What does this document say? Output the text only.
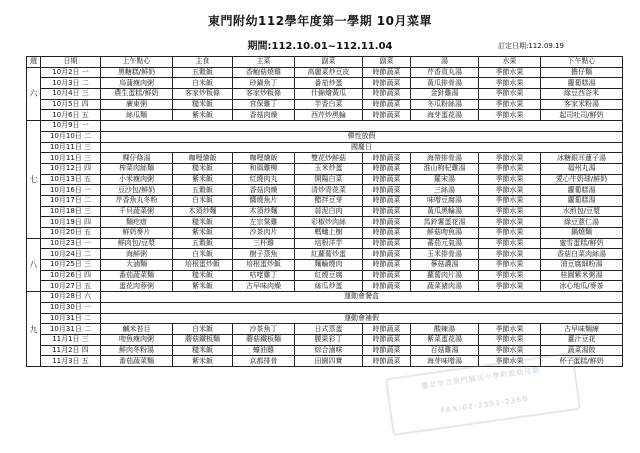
東門附幼112學年度第一學期 10月菜單
期間:112.10.01~112.11.04	訂定日期:112.09.19
週	日期	上午點心	主食	主菜	副菜	副菜	湯	水果	下午點心
六	10月2日 一	黑糖糕/鮮奶	五穀飯	香鮑菇燒雞	高麗菜炒豆皮	時節蔬菜	芹香貢丸湯	季節水果	擔仔麵
	10月3日 二	烏蒲瘦肉粥	白米飯	砂鍋魚丁	番茄炒蛋	時節蔬菜	黃瓜排骨湯	季節水果	蘿蔔糕湯
	10月4日 三	農生蛋糕/鮮奶	客家炒粄條	客家炒粄條	什錦燴黃瓜	時節蔬菜	金針雞湯	季節水果	綠豆西谷米
	10月5日 四	廣東粥	糙米飯	宮保雞丁	芋香白菜	時節蔬菜	冬瓜粉絲湯	季節水果	客家米粉湯
	10月6日 五	絲瓜麵	紫米飯	香菇肉燥	西芹炒黑輪	時節蔬菜	海芽蛋花湯	季節水果	起司吐司/鮮奶
七	10月9日 一								
	10月10日 二	彈性放假							
	10月11日 三	國慶日							
	10月11日 三	粿仔條湯	咖哩燴飯	咖哩燴飯	雙花炒鮮菇	時節蔬菜	海帶排骨湯	季節水果	冰糖銀耳蓮子湯
	10月12日 四	榨菜肉絲麵	糙米飯	和風雞柳	玉米炒蛋	時節蔬菜	淮山枸杞雞湯	季節水果	福州丸湯
	10月13日 五	小米瘦肉粥	紫米飯	紅燒肉丸	開陽白菜	時節蔬菜	羅宋湯	季節水果	愛心牛奶球/鮮奶
	10月16日 一	豆沙包/鮮奶	五穀飯	香菇肉燥	清炒青花菜	時節蔬菜	三絲湯	季節水果	蘿蔔糕湯
	10月17日 二	芹香魚丸冬粉	白米飯	醬燒魚片	醋拌豆芽	時節蔬菜	味噌豆腐湯	季節水果	蘿蔔糕湯
	10月18日 三	千貝蔬菜粥	木須炒麵	木須炒麵	蒜泥白肉	時節蔬菜	黃瓜黑輪湯	季節水果	水煎包/豆漿
	10月19日 四	麵疙瘩	糙米飯	左宗棠雞	彩椒炒肉絲	時節蔬菜	馬鈴薯蛋花湯	季節水果	綠豆薏仁湯
	10月20日 五	鮮奶麥片	紫米飯	沙茶肉片	螞蟻上樹	時節蔬菜	鮮菇吻魚湯	季節水果	鍋燒麵
八	10月23日 一	鮮肉包/豆漿	五穀飯	三杯雞	培根洋芋	時節蔬菜	蕃茄元氣湯	季節水果	蜜雪蛋糕/鮮奶
	10月24日 二	海鮮粥	白米飯	樹子蒸魚	紅蘿蔔炒蛋	時節蔬菜	玉米排骨湯	季節水果	香菇白菜肉絲湯
	10月25日 三	大滷麵	培根蛋炒飯	培根蛋炒飯	麵輪燒肉	時節蔬菜	蔘菇濃湯	季節水果	油豆腐細粉湯
	10月26日 四	番茄蔬菜麵	糙米飯	咕咾雞丁	紅燒豆腐	時節蔬菜	蘿蔔肉片湯	季節水果	桂圓紫米粥湯
	10月27日 五	蛋花肉蓉粥	紫米飯	古早味肉燥	絲瓜炒蛋	時節蔬菜	蔬菜豬肉湯	季節水果	冰心地瓜/麥茶
九	10月28日 六	運動會餐盒							
	10月30日 一								
	10月31日 二	運動會補假							
	10月31日 二	鹹米苔目	白米飯	沙茶魚丁	日式蒸蛋	時節蔬菜	酸辣湯	季節水果	古早味麵線
	11月1日 三	吻魚瘦肉粥	蘑菇鐵板麵	蘑菇鐵板麵	腰果彩丁	時節蔬菜	紫菜蛋花湯	季節水果	薑汁豆花
	11月2日 四	鮮肉冬粉湯	糙米飯	蠔油雞	綜合滷味	時節蔬菜	百菇雞湯	季節水果	蔬菜湯餃
	11月3日 五	番茄蔬菜麵	紫米飯	京都排骨	田園四寶	時節蔬菜	海芽味噌湯	季節水果	杯子蛋糕/鮮奶
臺北市立東門國民小學附設幼兒園
FAX:02-2351-2368
